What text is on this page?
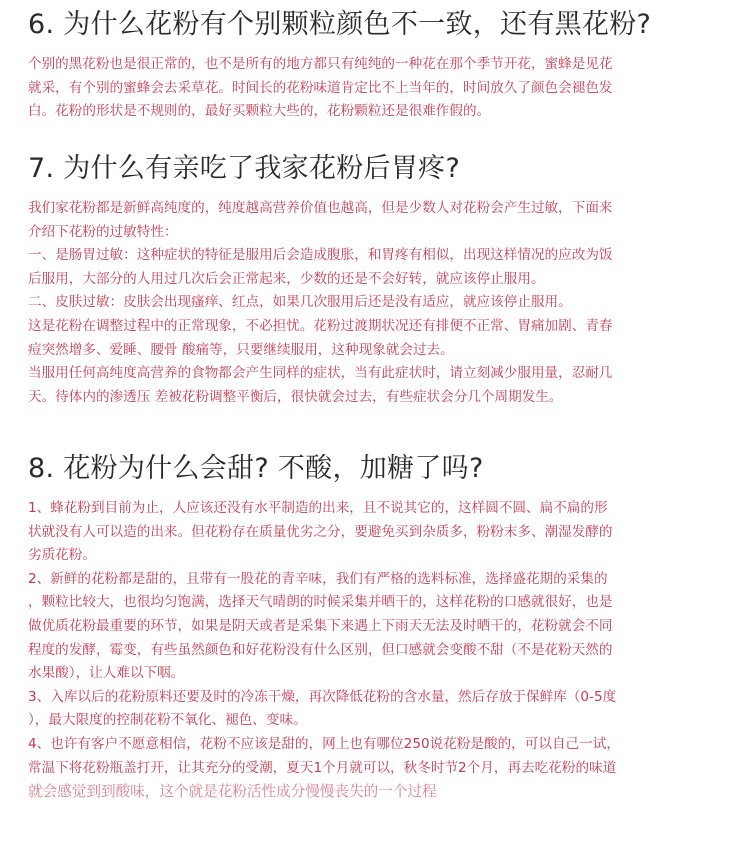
6. 为什么花粉有个别颗粒颜色不一致，还有黑花粉?
个别的黑花粉也是很正常的，也不是所有的地方都只有纯纯的一种花在那个季节开花，蜜蜂是见花
就采，有个别的蜜蜂会去采草花。时间长的花粉味道肯定比不上当年的，时间放久了颜色会褪色发
白。花粉的形状是不规则的，最好买颗粒大些的，花粉颗粒还是很难作假的。
7. 为什么有亲吃了我家花粉后胃疼?
我们家花粉都是新鲜高纯度的，纯度越高营养价值也越高，但是少数人对花粉会产生过敏，下面来
介绍下花粉的过敏特性：
一、是肠胃过敏：这种症状的特征是服用后会造成腹胀，和胃疼有相似，出现这样情况的应改为饭
后服用，大部分的人用过几次后会正常起来，少数的还是不会好转，就应该停止服用。
二、皮肤过敏：皮肤会出现瘙痒、红点，如果几次服用后还是没有适应，就应该停止服用。
这是花粉在调整过程中的正常现象，不必担忧。花粉过渡期状况还有排便不正常、胃痛加剧、青春
痘突然增多、爱睡、腰骨 酸痛等，只要继续服用，这种现象就会过去。
当服用任何高纯度高营养的食物都会产生同样的症状，当有此症状时，请立刻减少服用量，忍耐几
天。待体内的渗透压 差被花粉调整平衡后，很快就会过去，有些症状会分几个周期发生。
8. 花粉为什么会甜? 不酸，加糖了吗?
1、蜂花粉到目前为止，人应该还没有水平制造的出来，且不说其它的，这样圆不圆、扁不扁的形
状就没有人可以造的出来。但花粉存在质量优劣之分，要避免买到杂质多，粉粉末多、潮湿发酵的
劣质花粉。
2、新鲜的花粉都是甜的，且带有一股花的青辛味，我们有严格的选料标准，选择盛花期的采集的
，颗粒比较大，也很均匀饱满，选择天气晴朗的时候采集并晒干的，这样花粉的口感就很好，也是
做优质花粉最重要的环节，如果是阴天或者是采集下来遇上下雨天无法及时晒干的，花粉就会不同
程度的发酵，霉变，有些虽然颜色和好花粉没有什么区别，但口感就会变酸不甜（不是花粉天然的
水果酸），让人难以下咽。
3、入库以后的花粉原料还要及时的冷冻干燥，再次降低花粉的含水量，然后存放于保鲜库（0-5度
），最大限度的控制花粉不氧化、褪色、变味。
4、也许有客户不愿意相信，花粉不应该是甜的，网上也有哪位250说花粉是酸的，可以自己一试，
常温下将花粉瓶盖打开，让其充分的受潮，夏天1个月就可以，秋冬时节2个月，再去吃花粉的味道
就会感觉到到酸味，这个就是花粉活性成分慢慢丧失的一个过程
